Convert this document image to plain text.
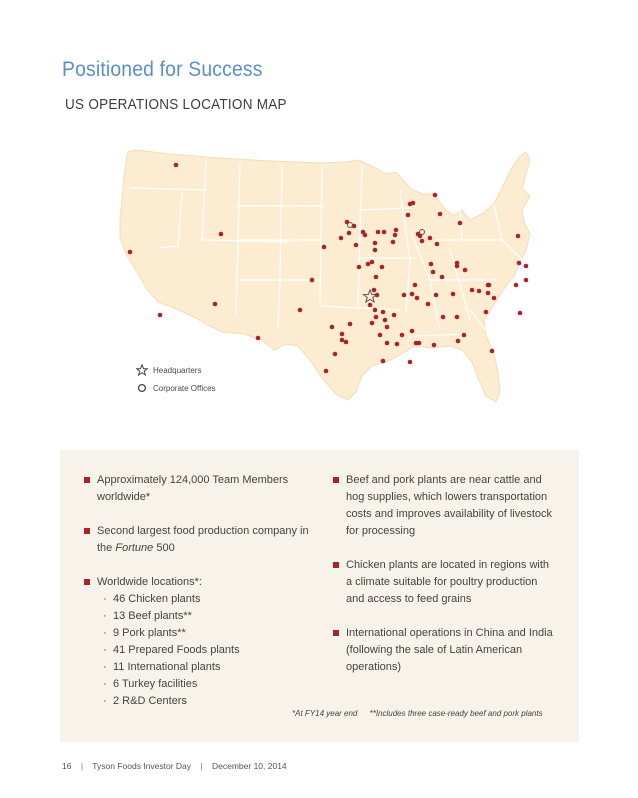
Positioned for Success
US OPERATIONS LOCATION MAP
Headquarters
Corporate Offices
Approximately 124,000 Team Members worldwide*
Second largest food production company in the Fortune 500
Worldwide locations*:
· 46 Chicken plants
· 13 Beef plants**
· 9 Pork plants**
· 41 Prepared Foods plants
· 11 International plants
· 6 Turkey facilities
· 2 R&D Centers
Beef and pork plants are near cattle and hog supplies, which lowers transportation costs and improves availability of livestock for processing
Chicken plants are located in regions with a climate suitable for poultry production and access to feed grains
International operations in China and India (following the sale of Latin American operations)
*At FY14 year end **Includes three case-ready beef and pork plants
16 | Tyson Foods Investor Day | December 10, 2014
